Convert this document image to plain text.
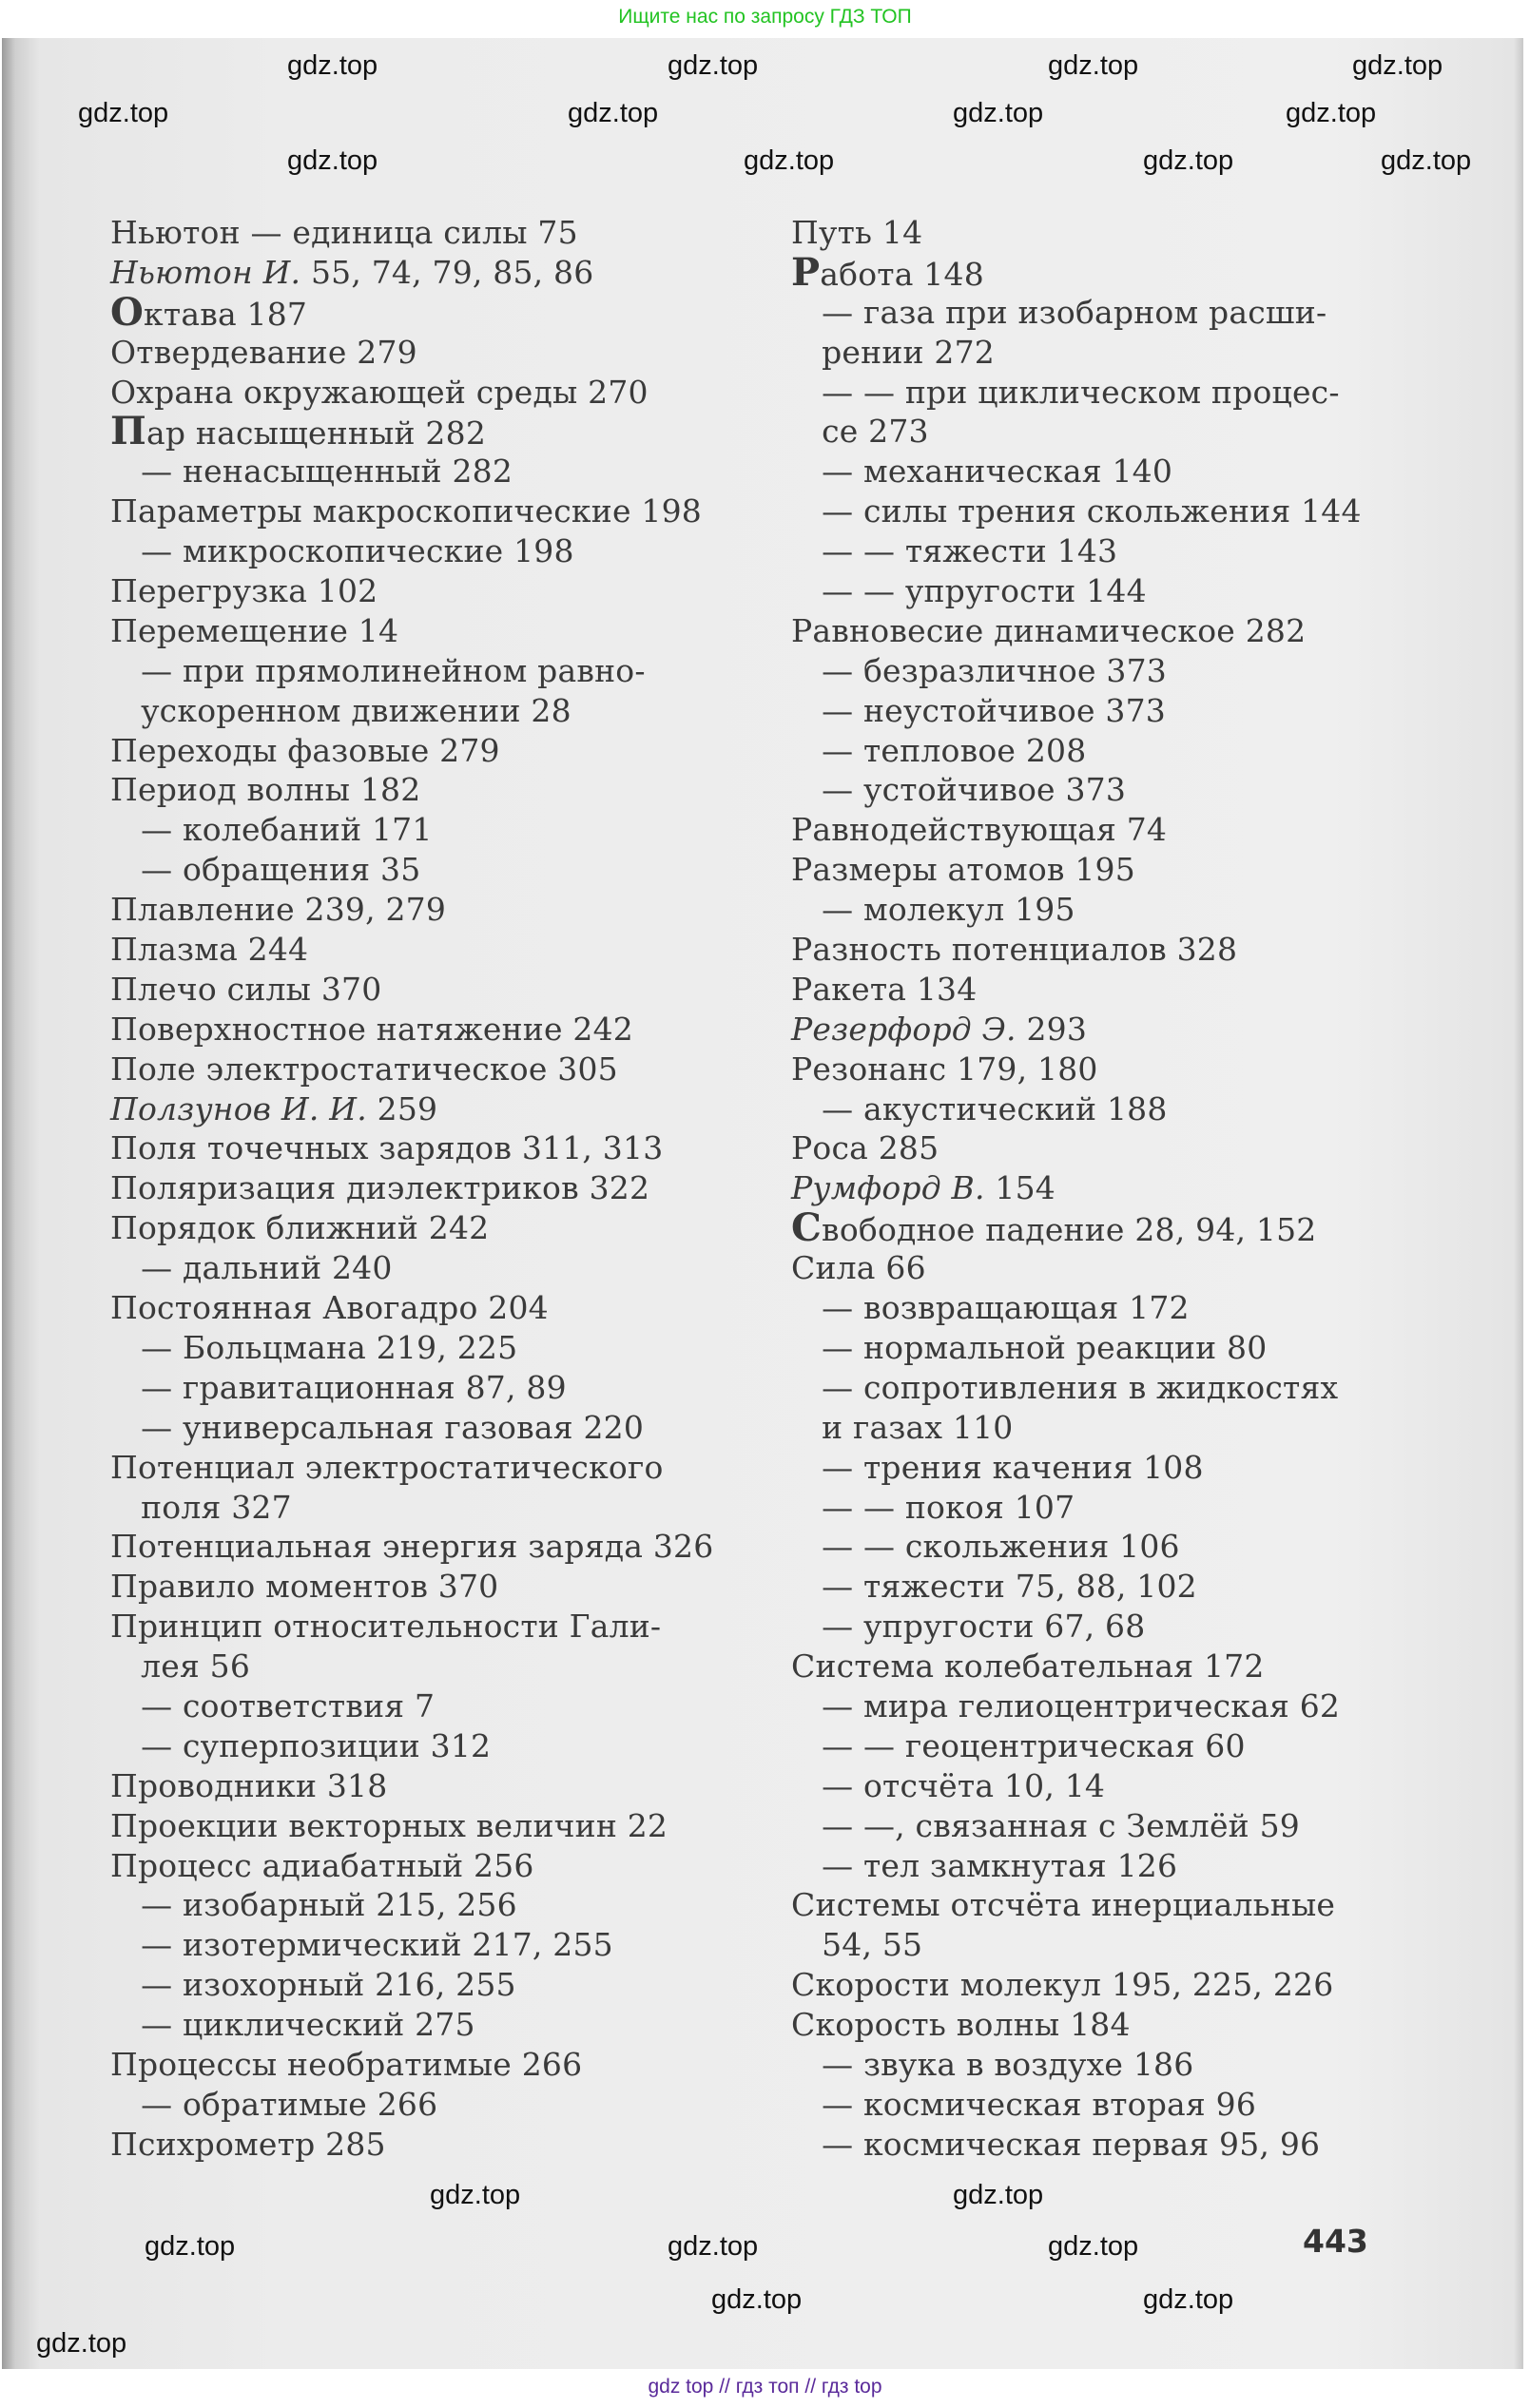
Ищите нас по запросу ГДЗ ТОП
Ньютон — единица силы 75
Ньютон И. 55, 74, 79, 85, 86
Октава 187
Отвердевание 279
Охрана окружающей среды 270
Пар насыщенный 282
— ненасыщенный 282
Параметры макроскопические 198
— микроскопические 198
Перегрузка 102
Перемещение 14
— при прямолинейном равно-
ускоренном движении 28
Переходы фазовые 279
Период волны 182
— колебаний 171
— обращения 35
Плавление 239, 279
Плазма 244
Плечо силы 370
Поверхностное натяжение 242
Поле электростатическое 305
Ползунов И. И. 259
Поля точечных зарядов 311, 313
Поляризация диэлектриков 322
Порядок ближний 242
— дальний 240
Постоянная Авогадро 204
— Больцмана 219, 225
— гравитационная 87, 89
— универсальная газовая 220
Потенциал электростатического
поля 327
Потенциальная энергия заряда 326
Правило моментов 370
Принцип относительности Гали-
лея 56
— соответствия 7
— суперпозиции 312
Проводники 318
Проекции векторных величин 22
Процесс адиабатный 256
— изобарный 215, 256
— изотермический 217, 255
— изохорный 216, 255
— циклический 275
Процессы необратимые 266
— обратимые 266
Психрометр 285
Путь 14
Работа 148
— газа при изобарном расши-
рении 272
— — при циклическом процес-
се 273
— механическая 140
— силы трения скольжения 144
— — тяжести 143
— — упругости 144
Равновесие динамическое 282
— безразличное 373
— неустойчивое 373
— тепловое 208
— устойчивое 373
Равнодействующая 74
Размеры атомов 195
— молекул 195
Разность потенциалов 328
Ракета 134
Резерфорд Э. 293
Резонанс 179, 180
— акустический 188
Роса 285
Румфорд В. 154
Свободное падение 28, 94, 152
Сила 66
— возвращающая 172
— нормальной реакции 80
— сопротивления в жидкостях
и газах 110
— трения качения 108
— — покоя 107
— — скольжения 106
— тяжести 75, 88, 102
— упругости 67, 68
Система колебательная 172
— мира гелиоцентрическая 62
— — геоцентрическая 60
— отсчёта 10, 14
— —, связанная с Землёй 59
— тел замкнутая 126
Системы отсчёта инерциальные
54, 55
Скорости молекул 195, 225, 226
Скорость волны 184
— звука в воздухе 186
— космическая вторая 96
— космическая первая 95, 96
443
gdz.top	gdz.top	gdz.top	gdz.top
gdz.top	gdz.top	gdz.top	gdz.top
gdz.top	gdz.top	gdz.top	gdz.top
gdz.top	gdz.top
gdz.top	gdz.top	gdz.top
gdz.top	gdz.top
gdz.top
gdz top // гдз топ // гдз top
